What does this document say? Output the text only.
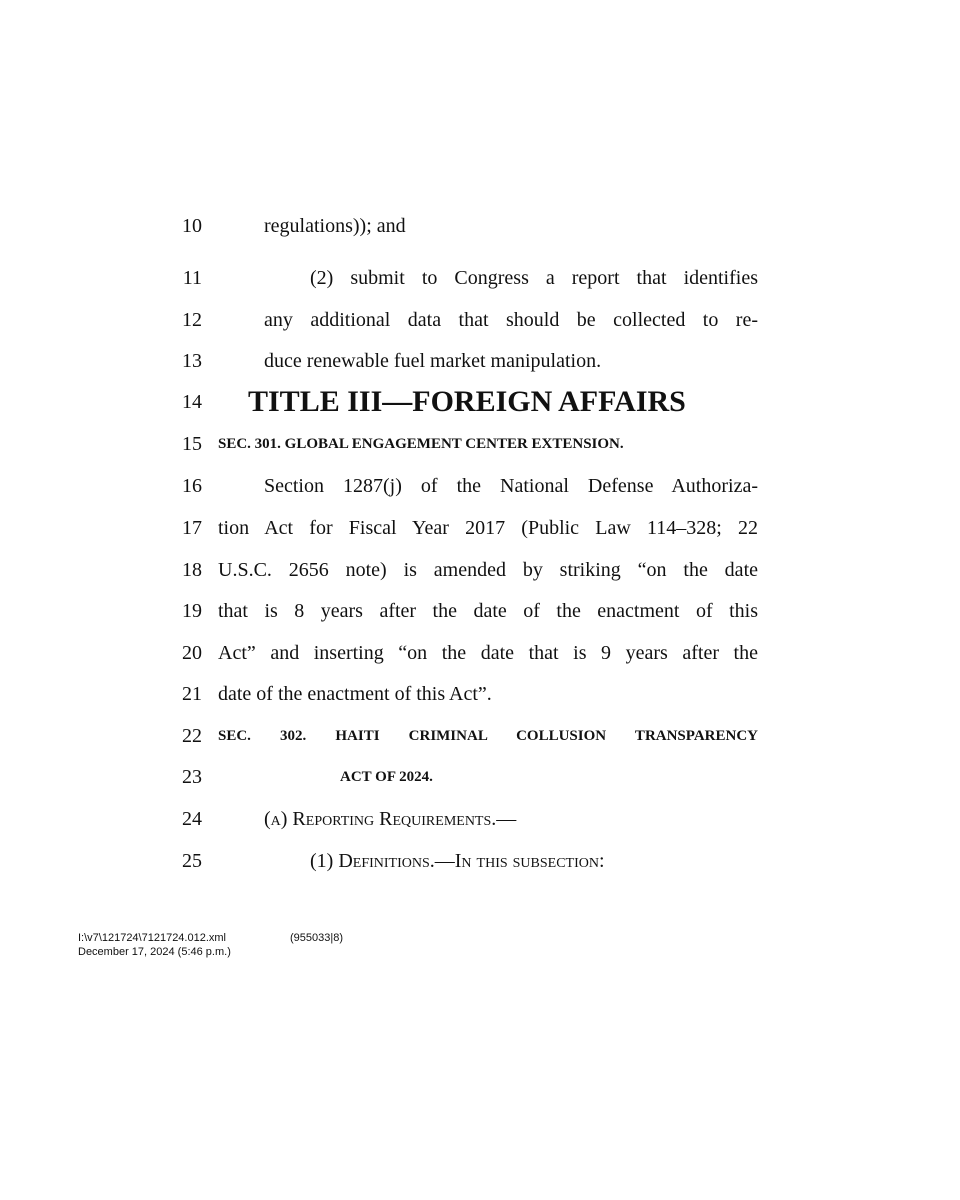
10	regulations)); and
11	(2) submit to Congress a report that identifies
12	any additional data that should be collected to re-
13	duce renewable fuel market manipulation.
14 TITLE III—FOREIGN AFFAIRS
15 SEC. 301. GLOBAL ENGAGEMENT CENTER EXTENSION.
16	Section 1287(j) of the National Defense Authoriza-
17 tion Act for Fiscal Year 2017 (Public Law 114–328; 22
18 U.S.C. 2656 note) is amended by striking “on the date
19 that is 8 years after the date of the enactment of this
20 Act” and inserting “on the date that is 9 years after the
21 date of the enactment of this Act”.
22 SEC. 302. HAITI CRIMINAL COLLUSION TRANSPARENCY
23	ACT OF 2024.
24	(a) Reporting Requirements.—
25	(1) Definitions.—In this subsection:
I:\v7\121724\7121724.012.xml	(955033|8)
December 17, 2024 (5:46 p.m.)
